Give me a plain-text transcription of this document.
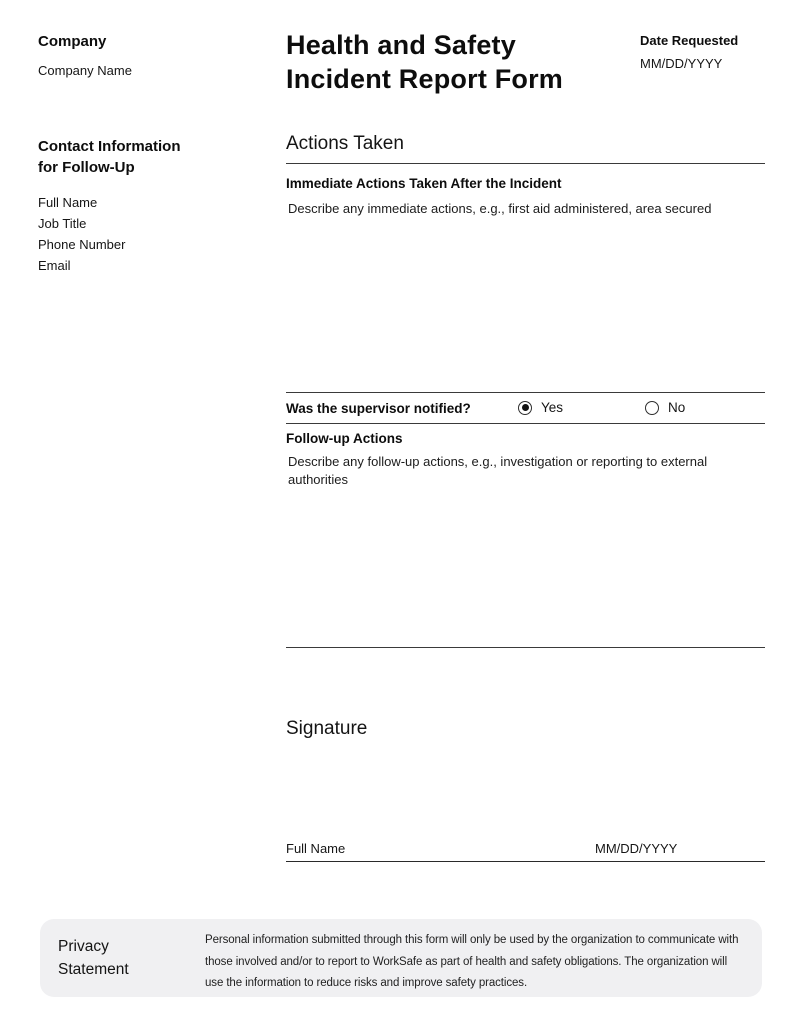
Company
Company Name
Health and Safety Incident Report Form
Date Requested
MM/DD/YYYY
Contact Information for Follow-Up
Full Name
Job Title
Phone Number
Email
Actions Taken
Immediate Actions Taken After the Incident
Describe any immediate actions, e.g., first aid administered, area secured
Was the supervisor notified?	Yes	No
Follow-up Actions
Describe any follow-up actions, e.g., investigation or reporting to external authorities
Signature
Full Name	MM/DD/YYYY
Privacy Statement
Personal information submitted through this form will only be used by the organization to communicate with those involved and/or to report to WorkSafe as part of health and safety obligations. The organization will use the information to reduce risks and improve safety practices.
